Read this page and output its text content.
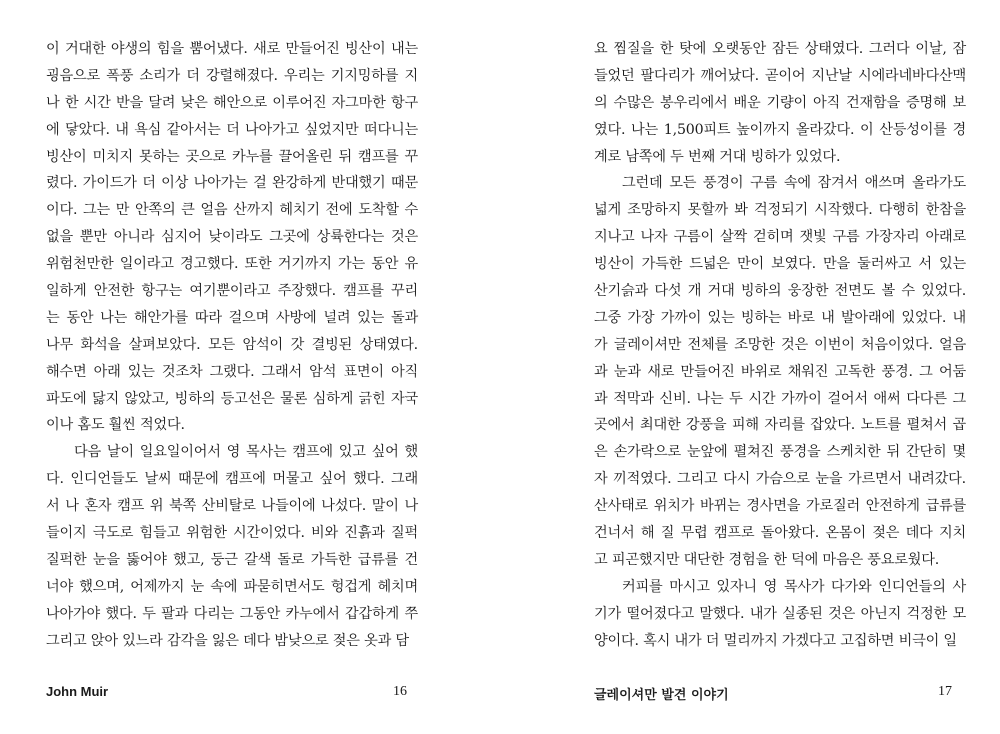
이 거대한 야생의 힘을 뿜어냈다. 새로 만들어진 빙산이 내는
굉음으로 폭풍 소리가 더 강렬해졌다. 우리는 기지밍하를 지
나 한 시간 반을 달려 낮은 해안으로 이루어진 자그마한 항구
에 닿았다. 내 욕심 같아서는 더 나아가고 싶었지만 떠다니는
빙산이 미치지 못하는 곳으로 카누를 끌어올린 뒤 캠프를 꾸
렸다. 가이드가 더 이상 나아가는 걸 완강하게 반대했기 때문
이다. 그는 만 안쪽의 큰 얼음 산까지 헤치기 전에 도착할 수
없을 뿐만 아니라 심지어 낮이라도 그곳에 상륙한다는 것은
위험천만한 일이라고 경고했다. 또한 거기까지 가는 동안 유
일하게 안전한 항구는 여기뿐이라고 주장했다. 캠프를 꾸리
는 동안 나는 해안가를 따라 걸으며 사방에 널려 있는 돌과
나무 화석을 살펴보았다. 모든 암석이 갓 결빙된 상태였다.
해수면 아래 있는 것조차 그랬다. 그래서 암석 표면이 아직
파도에 닳지 않았고, 빙하의 등고선은 물론 심하게 긁힌 자국
이나 홈도 훨씬 적었다.
다음 날이 일요일이어서 영 목사는 캠프에 있고 싶어 했
다. 인디언들도 날씨 때문에 캠프에 머물고 싶어 했다. 그래
서 나 혼자 캠프 위 북쪽 산비탈로 나들이에 나섰다. 말이 나
들이지 극도로 힘들고 위험한 시간이었다. 비와 진흙과 질퍽
질퍽한 눈을 뚫어야 했고, 둥근 갈색 돌로 가득한 급류를 건
너야 했으며, 어제까지 눈 속에 파묻히면서도 헝겁게 헤치며
나아가야 했다. 두 팔과 다리는 그동안 카누에서 갑갑하게 쭈
그리고 앉아 있느라 감각을 잃은 데다 밤낮으로 젖은 옷과 담
요 찜질을 한 탓에 오랫동안 잠든 상태였다. 그러다 이날, 잠
들었던 팔다리가 깨어났다. 곧이어 지난날 시에라네바다산맥
의 수많은 봉우리에서 배운 기량이 아직 건재함을 증명해 보
였다. 나는 1,500피트 높이까지 올라갔다. 이 산등성이를 경
계로 남쪽에 두 번째 거대 빙하가 있었다.
그런데 모든 풍경이 구름 속에 잠겨서 애쓰며 올라가도
넓게 조망하지 못할까 봐 걱정되기 시작했다. 다행히 한참을
지나고 나자 구름이 살짝 걷히며 잿빛 구름 가장자리 아래로
빙산이 가득한 드넓은 만이 보였다. 만을 둘러싸고 서 있는
산기슭과 다섯 개 거대 빙하의 웅장한 전면도 볼 수 있었다.
그중 가장 가까이 있는 빙하는 바로 내 발아래에 있었다. 내
가 글레이셔만 전체를 조망한 것은 이번이 처음이었다. 얼음
과 눈과 새로 만들어진 바위로 채워진 고독한 풍경. 그 어둠
과 적막과 신비. 나는 두 시간 가까이 걸어서 애써 다다른 그
곳에서 최대한 강풍을 피해 자리를 잡았다. 노트를 펼쳐서 곱
은 손가락으로 눈앞에 펼쳐진 풍경을 스케치한 뒤 간단히 몇
자 끼적였다. 그리고 다시 가슴으로 눈을 가르면서 내려갔다.
산사태로 위치가 바뀌는 경사면을 가로질러 안전하게 급류를
건너서 해 질 무렵 캠프로 돌아왔다. 온몸이 젖은 데다 지치
고 피곤했지만 대단한 경험을 한 덕에 마음은 풍요로웠다.
커피를 마시고 있자니 영 목사가 다가와 인디언들의 사
기가 떨어졌다고 말했다. 내가 실종된 것은 아닌지 걱정한 모
양이다. 혹시 내가 더 멀리까지 가겠다고 고집하면 비극이 일
John Muir	16	글레이셔만 발견 이야기	17
